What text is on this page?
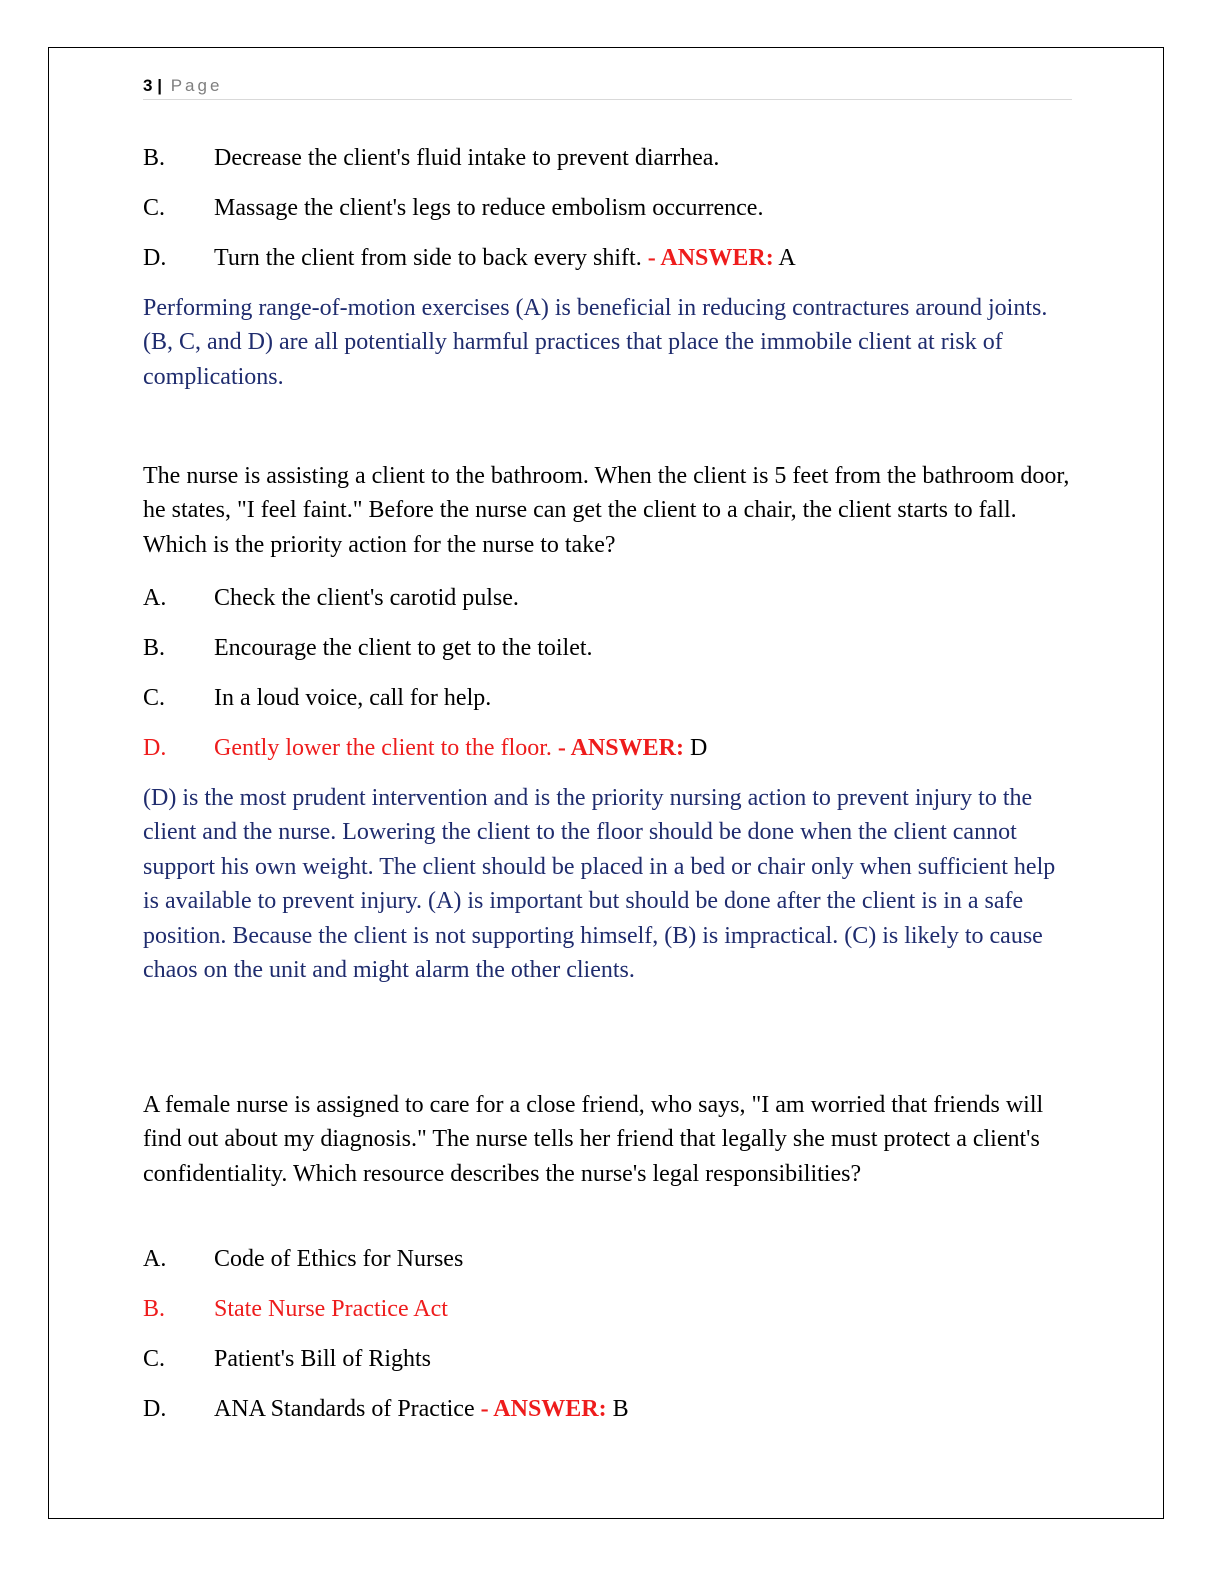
3 | Page
B. Decrease the client's fluid intake to prevent diarrhea.
C. Massage the client's legs to reduce embolism occurrence.
D. Turn the client from side to back every shift. - ANSWER: A

Performing range-of-motion exercises (A) is beneficial in reducing contractures around joints. (B, C, and D) are all potentially harmful practices that place the immobile client at risk of complications.

The nurse is assisting a client to the bathroom. When the client is 5 feet from the bathroom door, he states, "I feel faint." Before the nurse can get the client to a chair, the client starts to fall. Which is the priority action for the nurse to take?

A. Check the client's carotid pulse.
B. Encourage the client to get to the toilet.
C. In a loud voice, call for help.
D. Gently lower the client to the floor. - ANSWER: D

(D) is the most prudent intervention and is the priority nursing action to prevent injury to the client and the nurse. Lowering the client to the floor should be done when the client cannot support his own weight. The client should be placed in a bed or chair only when sufficient help is available to prevent injury. (A) is important but should be done after the client is in a safe position. Because the client is not supporting himself, (B) is impractical. (C) is likely to cause chaos on the unit and might alarm the other clients.

A female nurse is assigned to care for a close friend, who says, "I am worried that friends will find out about my diagnosis." The nurse tells her friend that legally she must protect a client's confidentiality. Which resource describes the nurse's legal responsibilities?

A. Code of Ethics for Nurses
B. State Nurse Practice Act
C. Patient's Bill of Rights
D. ANA Standards of Practice - ANSWER: B
